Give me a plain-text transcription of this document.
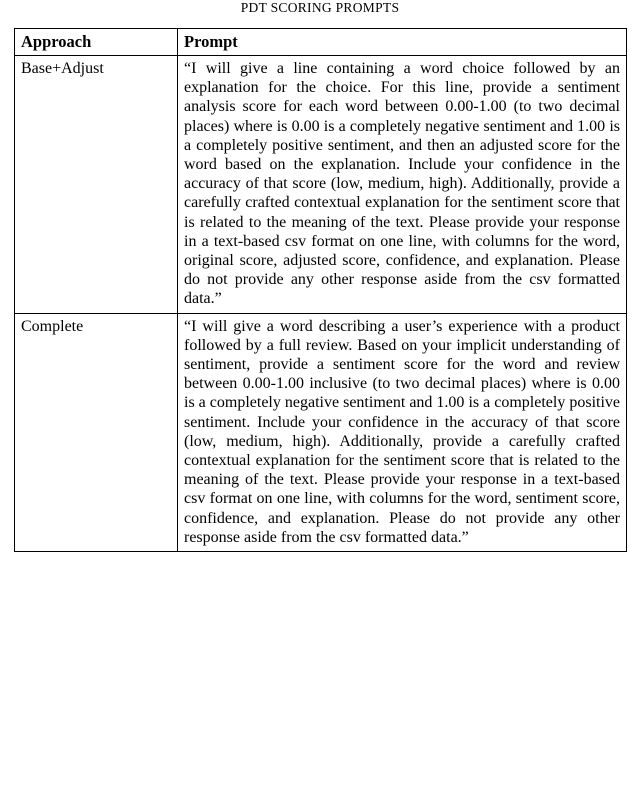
PDT SCORING PROMPTS
Approach	Prompt
Base+Adjust	“I will give a line containing a word choice followed by an explanation for the choice. For this line, provide a sentiment analysis score for each word between 0.00-1.00 (to two decimal places) where is 0.00 is a completely negative sentiment and 1.00 is a completely positive sentiment, and then an adjusted score for the word based on the explanation. Include your confidence in the accuracy of that score (low, medium, high). Additionally, provide a carefully crafted contextual explanation for the sentiment score that is related to the meaning of the text. Please provide your response in a text-based csv format on one line, with columns for the word, original score, adjusted score, confidence, and explanation. Please do not provide any other response aside from the csv formatted data.”
Complete	“I will give a word describing a user’s experience with a product followed by a full review. Based on your implicit understanding of sentiment, provide a sentiment score for the word and review between 0.00-1.00 inclusive (to two decimal places) where is 0.00 is a completely negative sentiment and 1.00 is a completely positive sentiment. Include your confidence in the accuracy of that score (low, medium, high). Additionally, provide a carefully crafted contextual explanation for the sentiment score that is related to the meaning of the text. Please provide your response in a text-based csv format on one line, with columns for the word, sentiment score, confidence, and explanation. Please do not provide any other response aside from the csv formatted data.”
